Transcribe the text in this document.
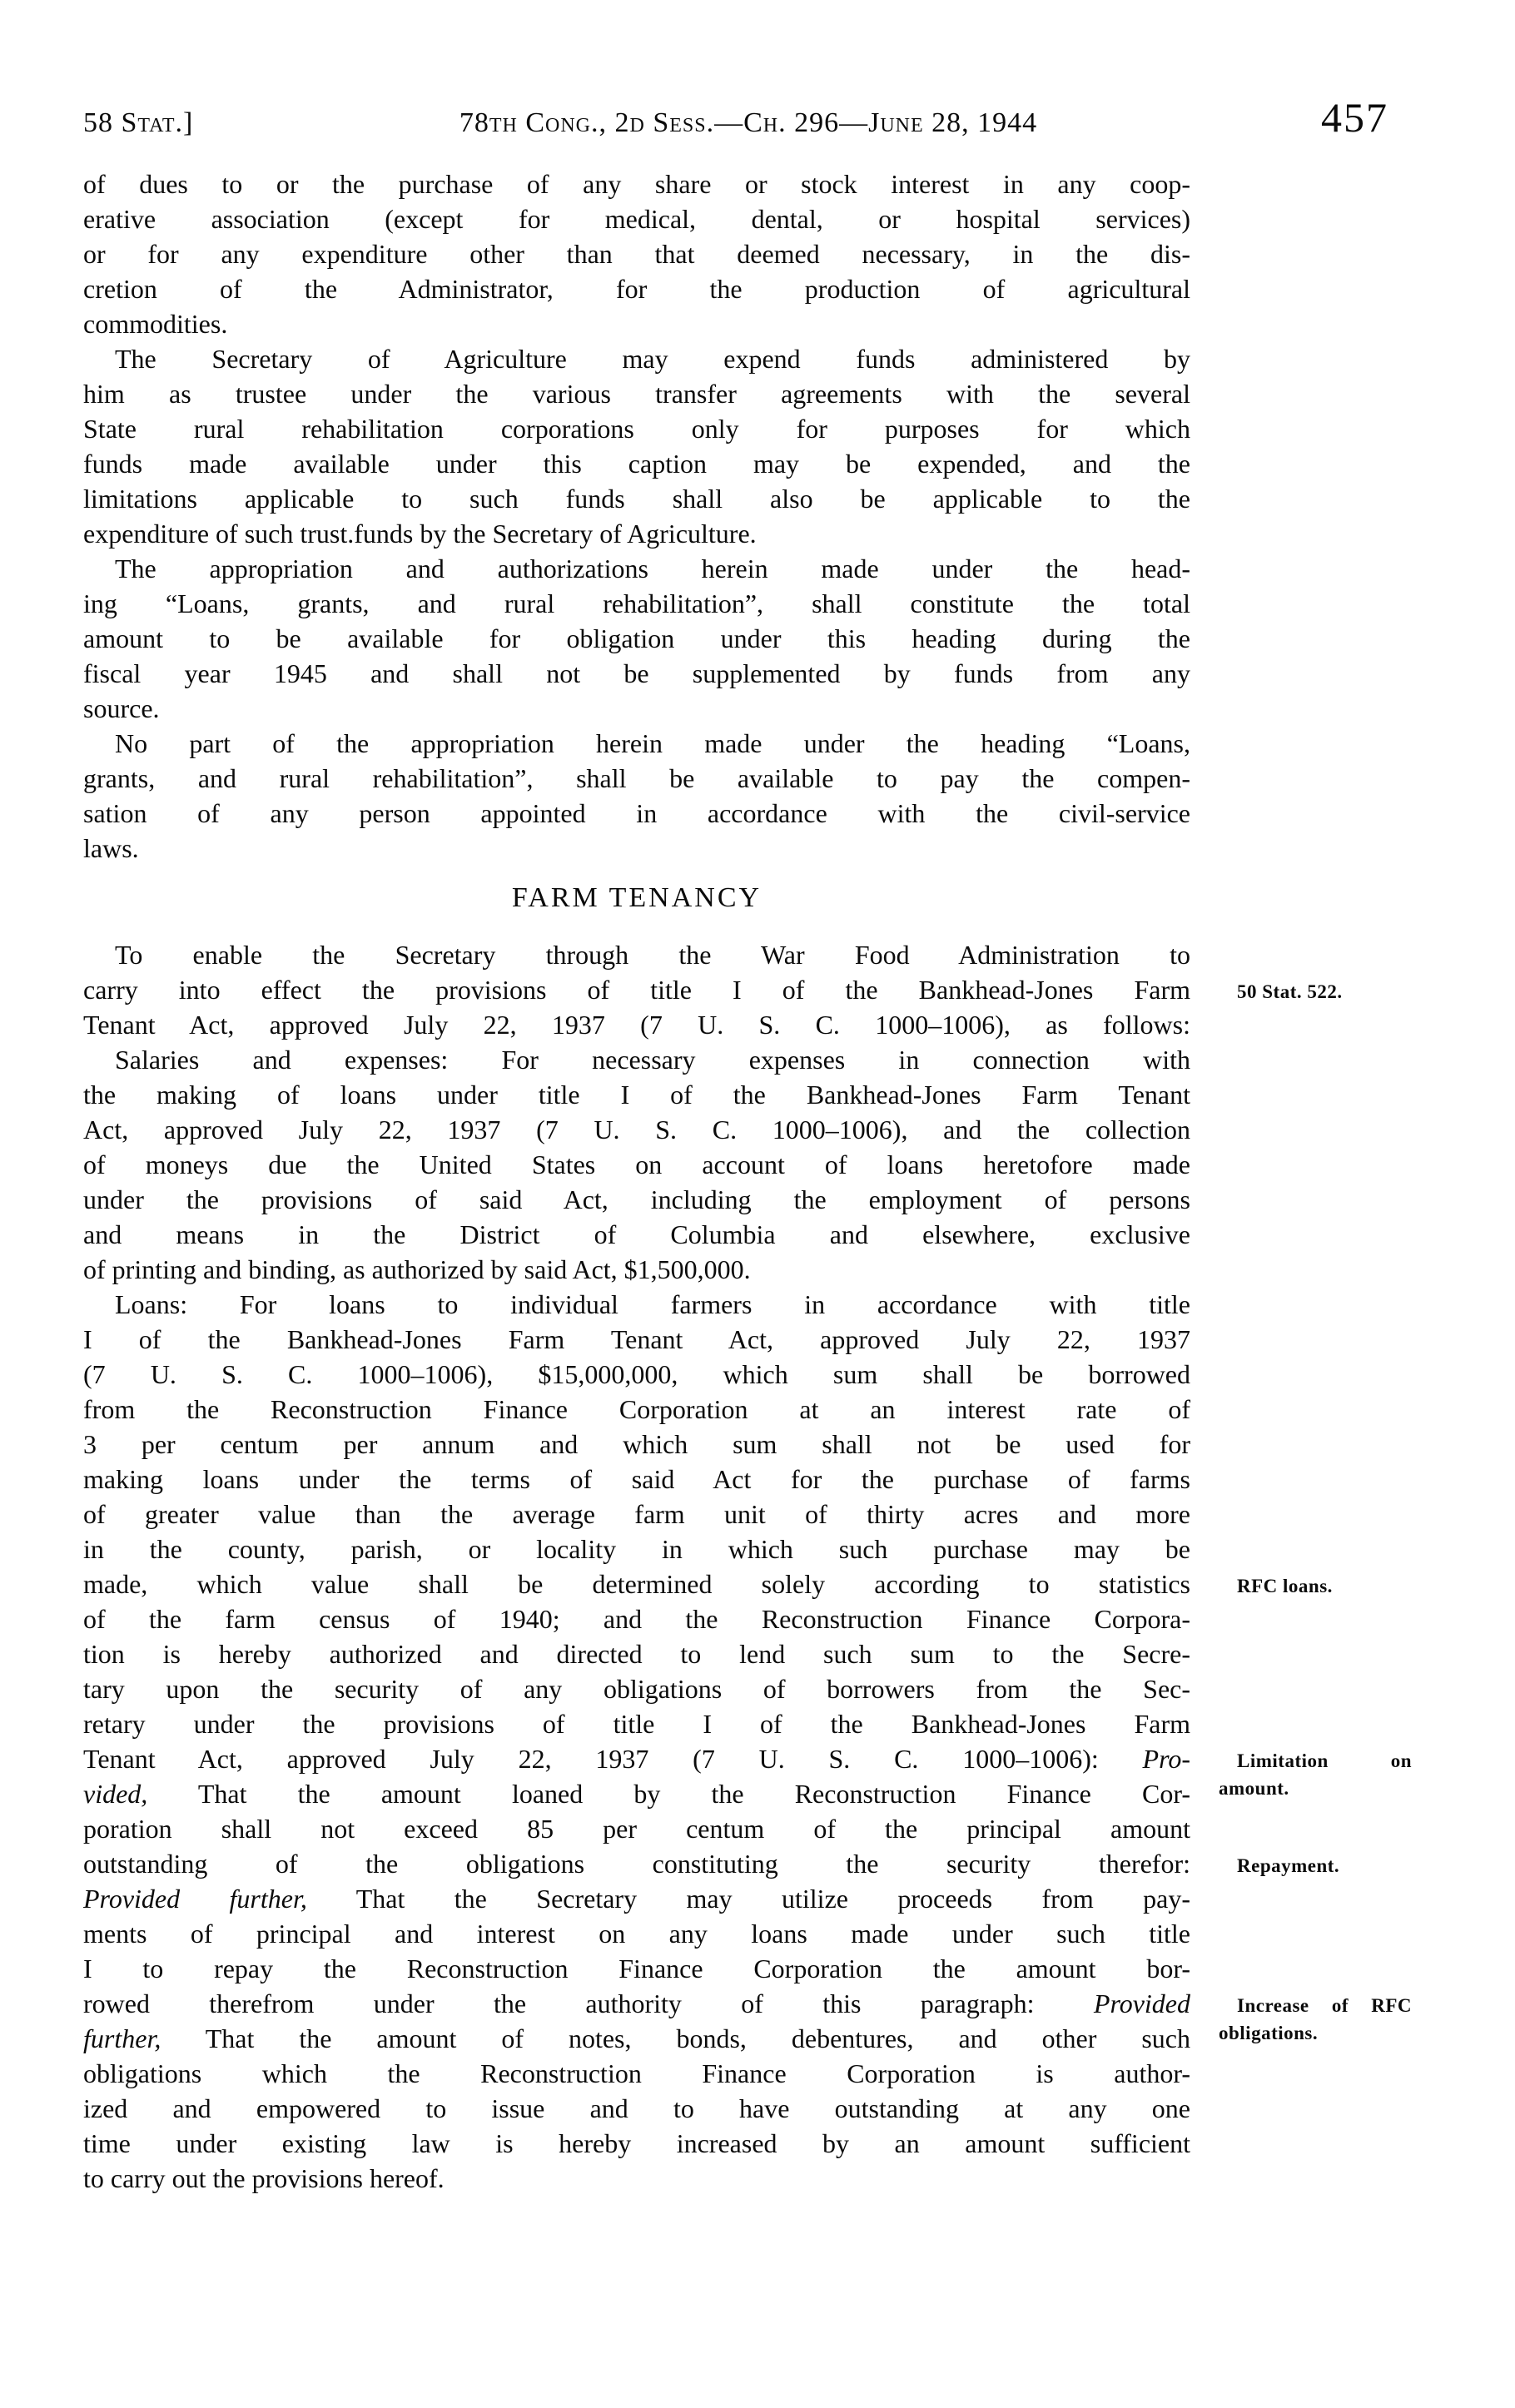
58 Stat.]	78th Cong., 2d Sess.—Ch. 296—June 28, 1944	457
of dues to or the purchase of any share or stock interest in any coop-
erative association (except for medical, dental, or hospital services)
or for any expenditure other than that deemed necessary, in the dis-
cretion of the Administrator, for the production of agricultural
commodities.
The Secretary of Agriculture may expend funds administered by
him as trustee under the various transfer agreements with the several
State rural rehabilitation corporations only for purposes for which
funds made available under this caption may be expended, and the
limitations applicable to such funds shall also be applicable to the
expenditure of such trust.funds by the Secretary of Agriculture.
The appropriation and authorizations herein made under the head-
ing “Loans, grants, and rural rehabilitation”, shall constitute the total
amount to be available for obligation under this heading during the
fiscal year 1945 and shall not be supplemented by funds from any
source.
No part of the appropriation herein made under the heading “Loans,
grants, and rural rehabilitation”, shall be available to pay the compen-
sation of any person appointed in accordance with the civil-service
laws.
FARM TENANCY
To enable the Secretary through the War Food Administration to
carry into effect the provisions of title I of the Bankhead-Jones Farm
Tenant Act, approved July 22, 1937 (7 U. S. C. 1000–1006), as follows:
Salaries and expenses: For necessary expenses in connection with
the making of loans under title I of the Bankhead-Jones Farm Tenant
Act, approved July 22, 1937 (7 U. S. C. 1000–1006), and the collection
of moneys due the United States on account of loans heretofore made
under the provisions of said Act, including the employment of persons
and means in the District of Columbia and elsewhere, exclusive
of printing and binding, as authorized by said Act, $1,500,000.
Loans: For loans to individual farmers in accordance with title
I of the Bankhead-Jones Farm Tenant Act, approved July 22, 1937
(7 U. S. C. 1000–1006), $15,000,000, which sum shall be borrowed
from the Reconstruction Finance Corporation at an interest rate of
3 per centum per annum and which sum shall not be used for
making loans under the terms of said Act for the purchase of farms
of greater value than the average farm unit of thirty acres and more
in the county, parish, or locality in which such purchase may be
made, which value shall be determined solely according to statistics
of the farm census of 1940; and the Reconstruction Finance Corpora-
tion is hereby authorized and directed to lend such sum to the Secre-
tary upon the security of any obligations of borrowers from the Sec-
retary under the provisions of title I of the Bankhead-Jones Farm
Tenant Act, approved July 22, 1937 (7 U. S. C. 1000–1006): Pro-
vided, That the amount loaned by the Reconstruction Finance Cor-
poration shall not exceed 85 per centum of the principal amount
outstanding of the obligations constituting the security therefor:
Provided further, That the Secretary may utilize proceeds from pay-
ments of principal and interest on any loans made under such title
I to repay the Reconstruction Finance Corporation the amount bor-
rowed therefrom under the authority of this paragraph: Provided
further, That the amount of notes, bonds, debentures, and other such
obligations which the Reconstruction Finance Corporation is author-
ized and empowered to issue and to have outstanding at any one
time under existing law is hereby increased by an amount sufficient
to carry out the provisions hereof.
50 Stat. 522.
RFC loans.
Limitation on amount.
Repayment.
Increase of RFC obligations.
